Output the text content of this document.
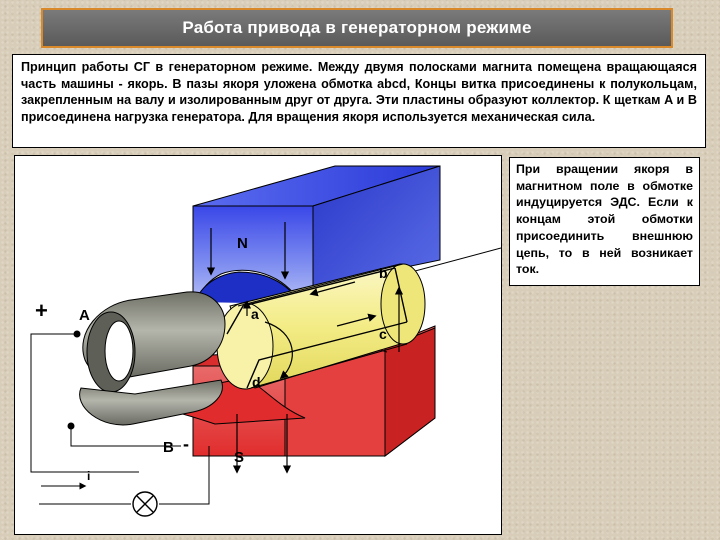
Работа привода в генераторном режиме
Принцип работы СГ в генераторном режиме. Между двумя полосками магнита помещена вращающаяся часть машины - якорь. В пазы якоря уложена обмотка abcd, Концы витка присоединены к полукольцам, закрепленным на валу и изолированным друг от друга. Эти пластины образуют коллектор. К щеткам A и B присоединена нагрузка генератора. Для вращения якоря используется механическая сила.
N
S
a
b
c
d
A
B
+
-
i
При вращении якоря в магнитном поле в обмотке индуцируется ЭДС. Если к концам этой обмотки присоединить внешнюю цепь, то в ней возникает ток.
